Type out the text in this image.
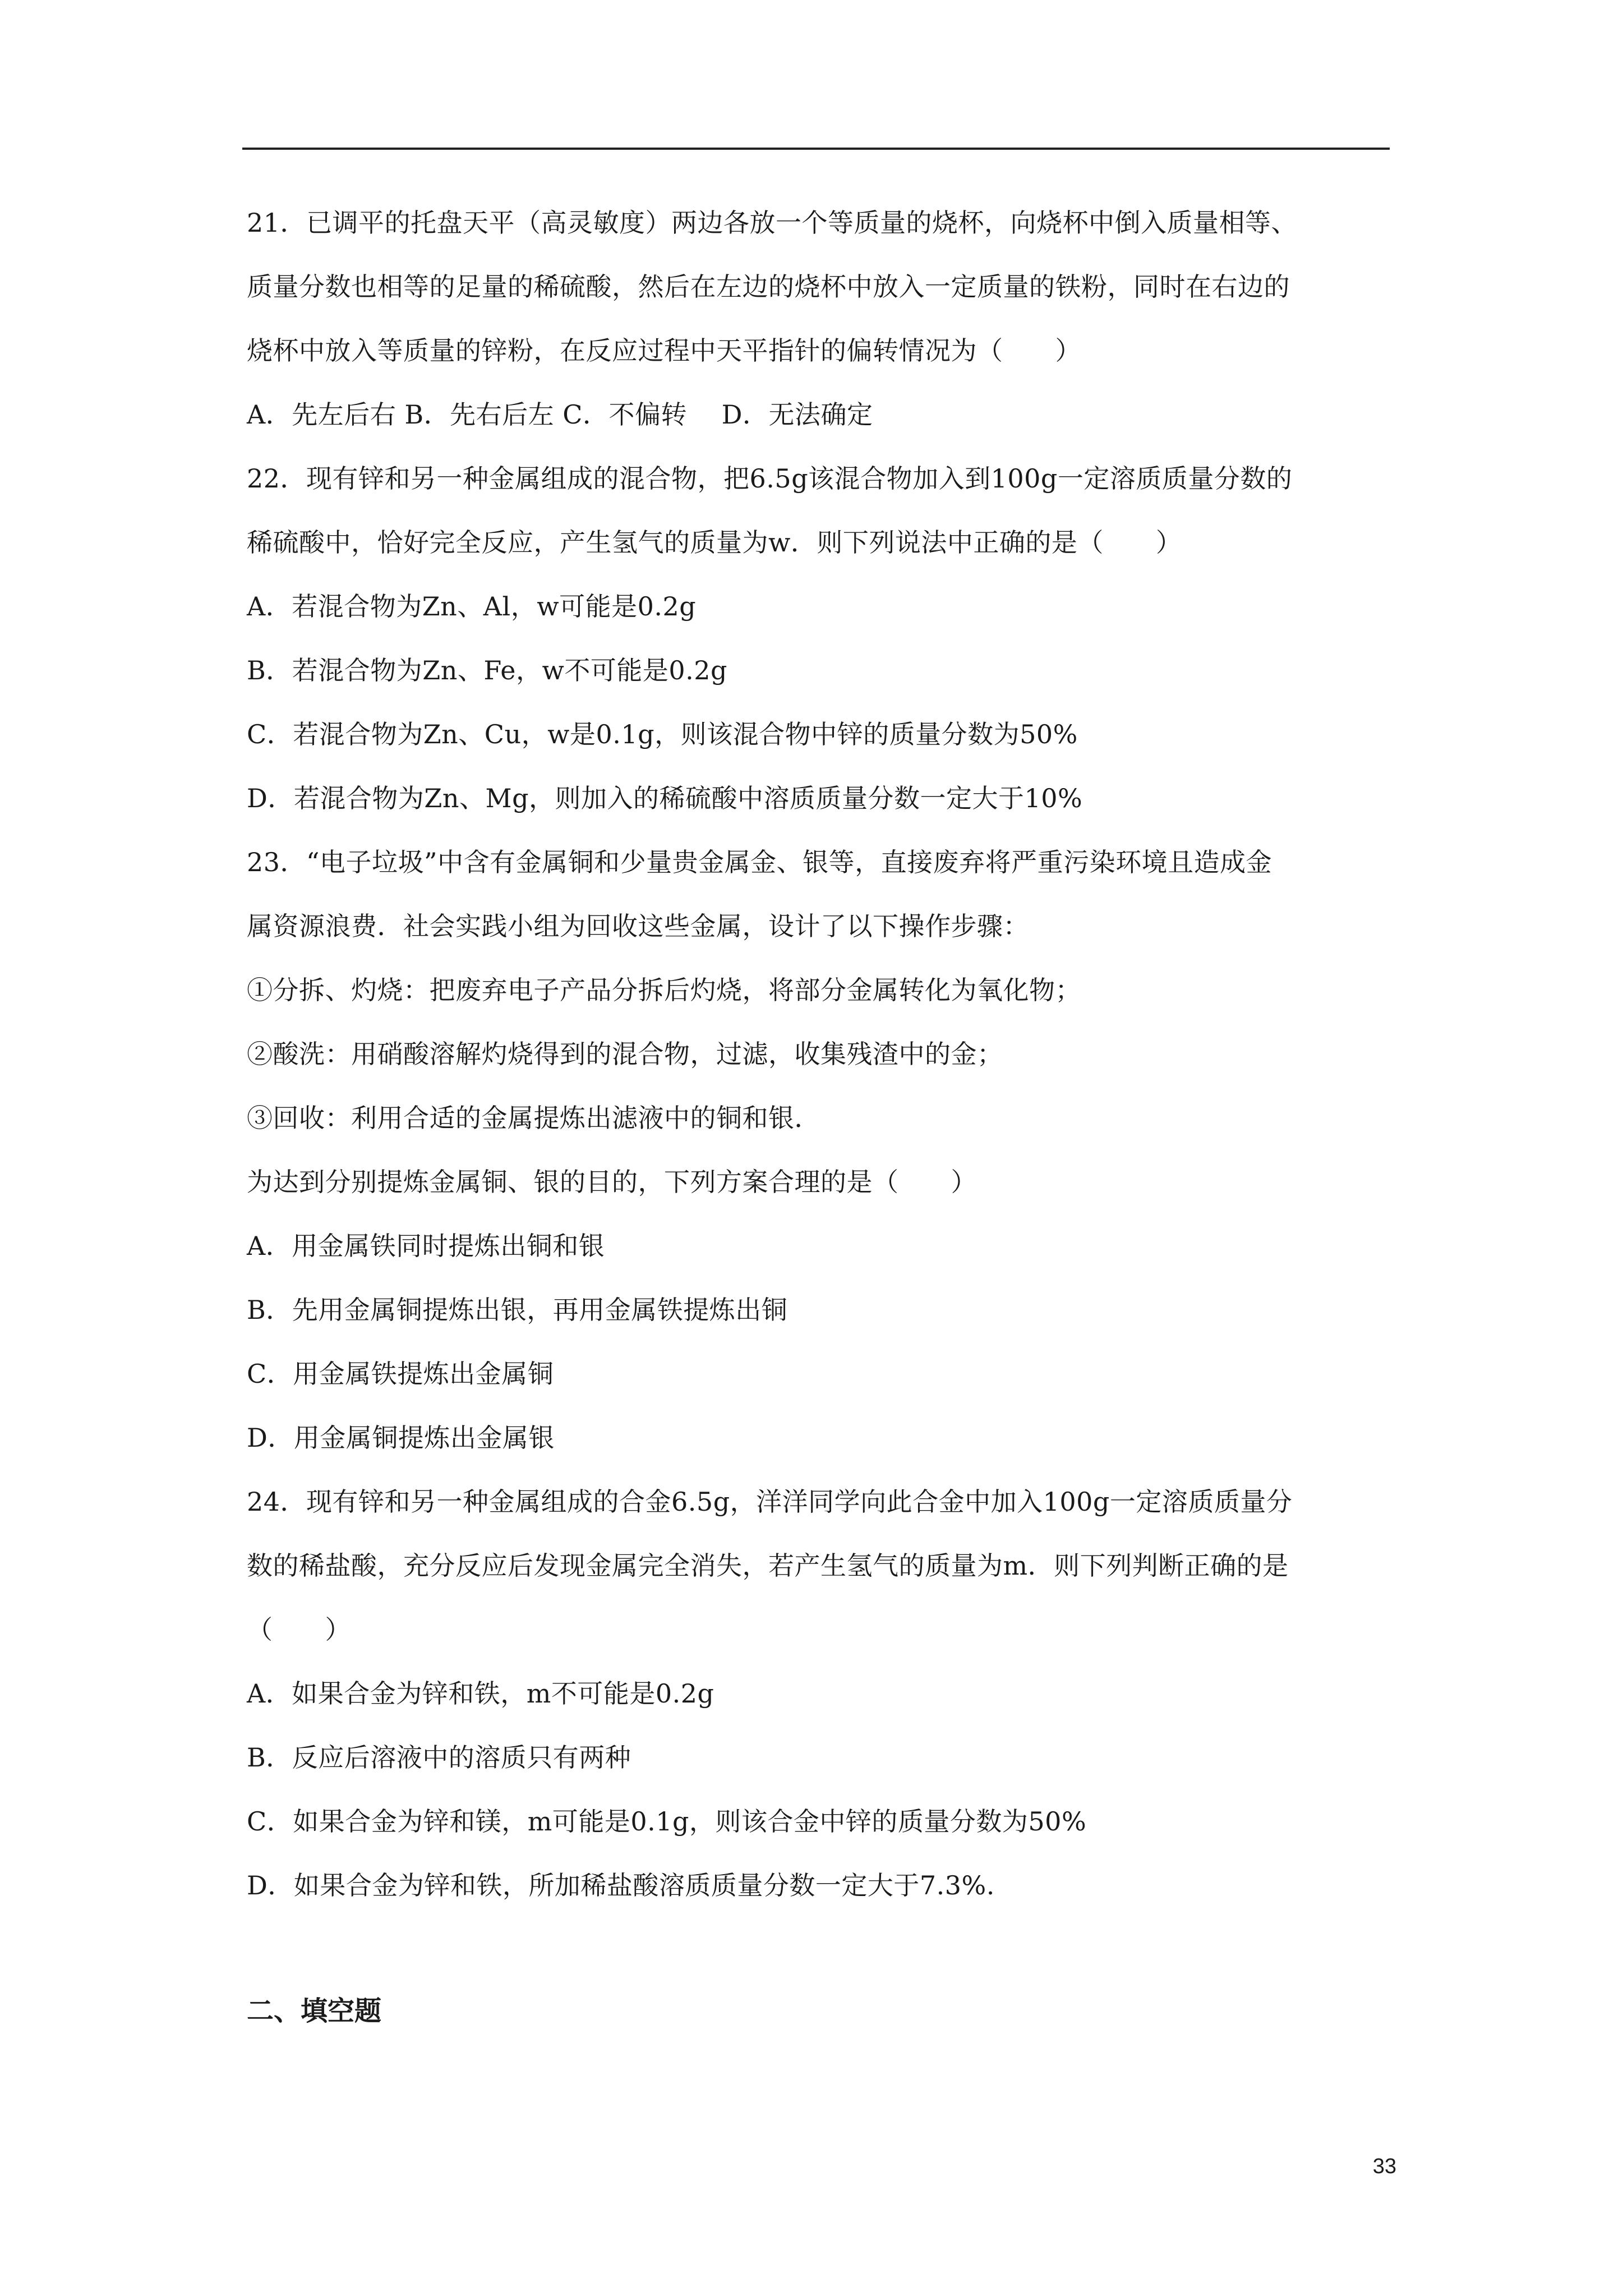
21．已调平的托盘天平（高灵敏度）两边各放一个等质量的烧杯，向烧杯中倒入质量相等、
质量分数也相等的足量的稀硫酸，然后在左边的烧杯中放入一定质量的铁粉，同时在右边的
烧杯中放入等质量的锌粉，在反应过程中天平指针的偏转情况为（　　）
A．先左后右 B．先右后左 C．不偏转　 D．无法确定
22．现有锌和另一种金属组成的混合物，把6.5g该混合物加入到100g一定溶质质量分数的
稀硫酸中，恰好完全反应，产生氢气的质量为w．则下列说法中正确的是（　　）
A．若混合物为Zn、Al，w可能是0.2g
B．若混合物为Zn、Fe，w不可能是0.2g
C．若混合物为Zn、Cu，w是0.1g，则该混合物中锌的质量分数为50%
D．若混合物为Zn、Mg，则加入的稀硫酸中溶质质量分数一定大于10%
23．“电子垃圾”中含有金属铜和少量贵金属金、银等，直接废弃将严重污染环境且造成金
属资源浪费．社会实践小组为回收这些金属，设计了以下操作步骤：
①分拆、灼烧：把废弃电子产品分拆后灼烧，将部分金属转化为氧化物；
②酸洗：用硝酸溶解灼烧得到的混合物，过滤，收集残渣中的金；
③回收：利用合适的金属提炼出滤液中的铜和银．
为达到分别提炼金属铜、银的目的，下列方案合理的是（　　）
A．用金属铁同时提炼出铜和银
B．先用金属铜提炼出银，再用金属铁提炼出铜
C．用金属铁提炼出金属铜
D．用金属铜提炼出金属银
24．现有锌和另一种金属组成的合金6.5g，洋洋同学向此合金中加入100g一定溶质质量分
数的稀盐酸，充分反应后发现金属完全消失，若产生氢气的质量为m．则下列判断正确的是
（　　）
A．如果合金为锌和铁，m不可能是0.2g
B．反应后溶液中的溶质只有两种
C．如果合金为锌和镁，m可能是0.1g，则该合金中锌的质量分数为50%
D．如果合金为锌和铁，所加稀盐酸溶质质量分数一定大于7.3%.
二、填空题
33
